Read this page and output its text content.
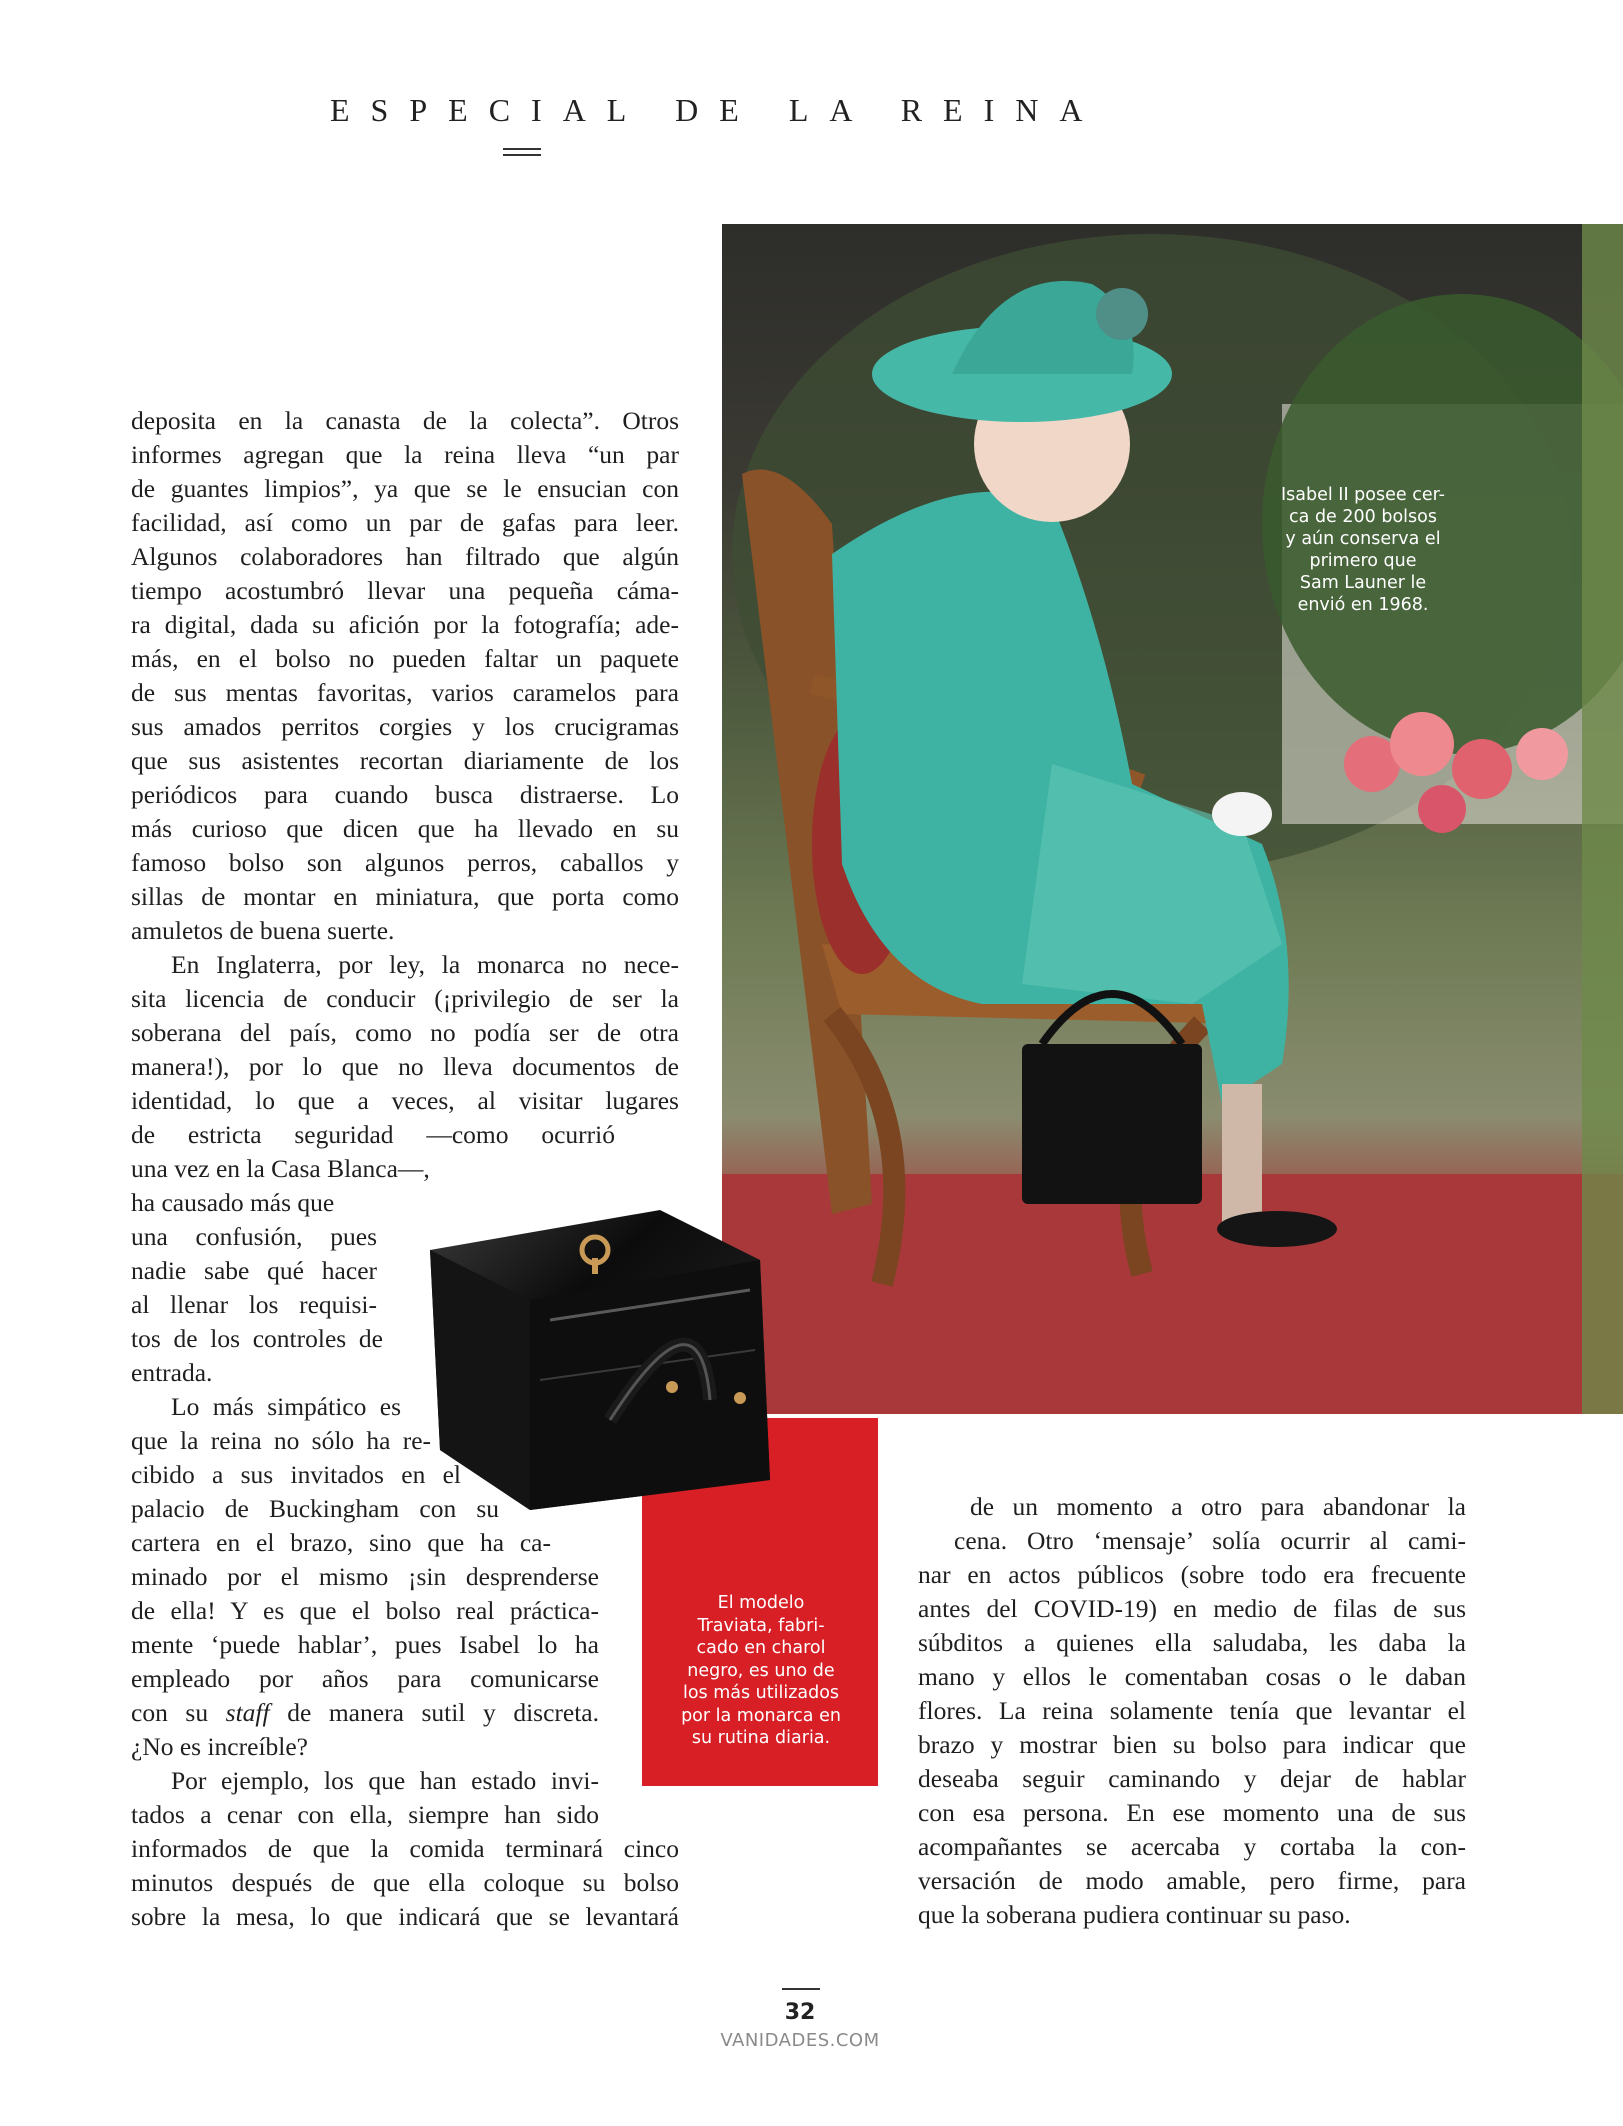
ESPECIAL DE LA REINA
Isabel II posee cer-
ca de 200 bolsos
y aún conserva el
primero que
Sam Launer le
envió en 1968.
El modelo
Traviata, fabri-
cado en charol
negro, es uno de
los más utilizados
por la monarca en
su rutina diaria.
deposita en la canasta de la colecta”. Otros
informes agregan que la reina lleva “un par
de guantes limpios”, ya que se le ensucian con
facilidad, así como un par de gafas para leer.
Algunos colaboradores han filtrado que algún
tiempo acostumbró llevar una pequeña cáma-
ra digital, dada su afición por la fotografía; ade-
más, en el bolso no pueden faltar un paquete
de sus mentas favoritas, varios caramelos para
sus amados perritos corgies y los crucigramas
que sus asistentes recortan diariamente de los
periódicos para cuando busca distraerse. Lo
más curioso que dicen que ha llevado en su
famoso bolso son algunos perros, caballos y
sillas de montar en miniatura, que porta como
amuletos de buena suerte.
En Inglaterra, por ley, la monarca no nece-
sita licencia de conducir (¡privilegio de ser la
soberana del país, como no podía ser de otra
manera!), por lo que no lleva documentos de
identidad, lo que a veces, al visitar lugares
de estricta seguridad —como ocurrió
una vez en la Casa Blanca—,
ha causado más que
una confusión, pues
nadie sabe qué hacer
al llenar los requisi-
tos de los controles de
entrada.
Lo más simpático es
que la reina no sólo ha re-
cibido a sus invitados en el
palacio de Buckingham con su
cartera en el brazo, sino que ha ca-
minado por el mismo ¡sin desprenderse
de ella! Y es que el bolso real práctica-
mente ‘puede hablar’, pues Isabel lo ha
empleado por años para comunicarse
con su staff de manera sutil y discreta.
¿No es increíble?
Por ejemplo, los que han estado invi-
tados a cenar con ella, siempre han sido
informados de que la comida terminará cinco
minutos después de que ella coloque su bolso
sobre la mesa, lo que indicará que se levantará
de un momento a otro para abandonar la
cena. Otro ‘mensaje’ solía ocurrir al cami-
nar en actos públicos (sobre todo era frecuente
antes del COVID-19) en medio de filas de sus
súbditos a quienes ella saludaba, les daba la
mano y ellos le comentaban cosas o le daban
flores. La reina solamente tenía que levantar el
brazo y mostrar bien su bolso para indicar que
deseaba seguir caminando y dejar de hablar
con esa persona. En ese momento una de sus
acompañantes se acercaba y cortaba la con-
versación de modo amable, pero firme, para
que la soberana pudiera continuar su paso.
32
VANIDADES.COM
